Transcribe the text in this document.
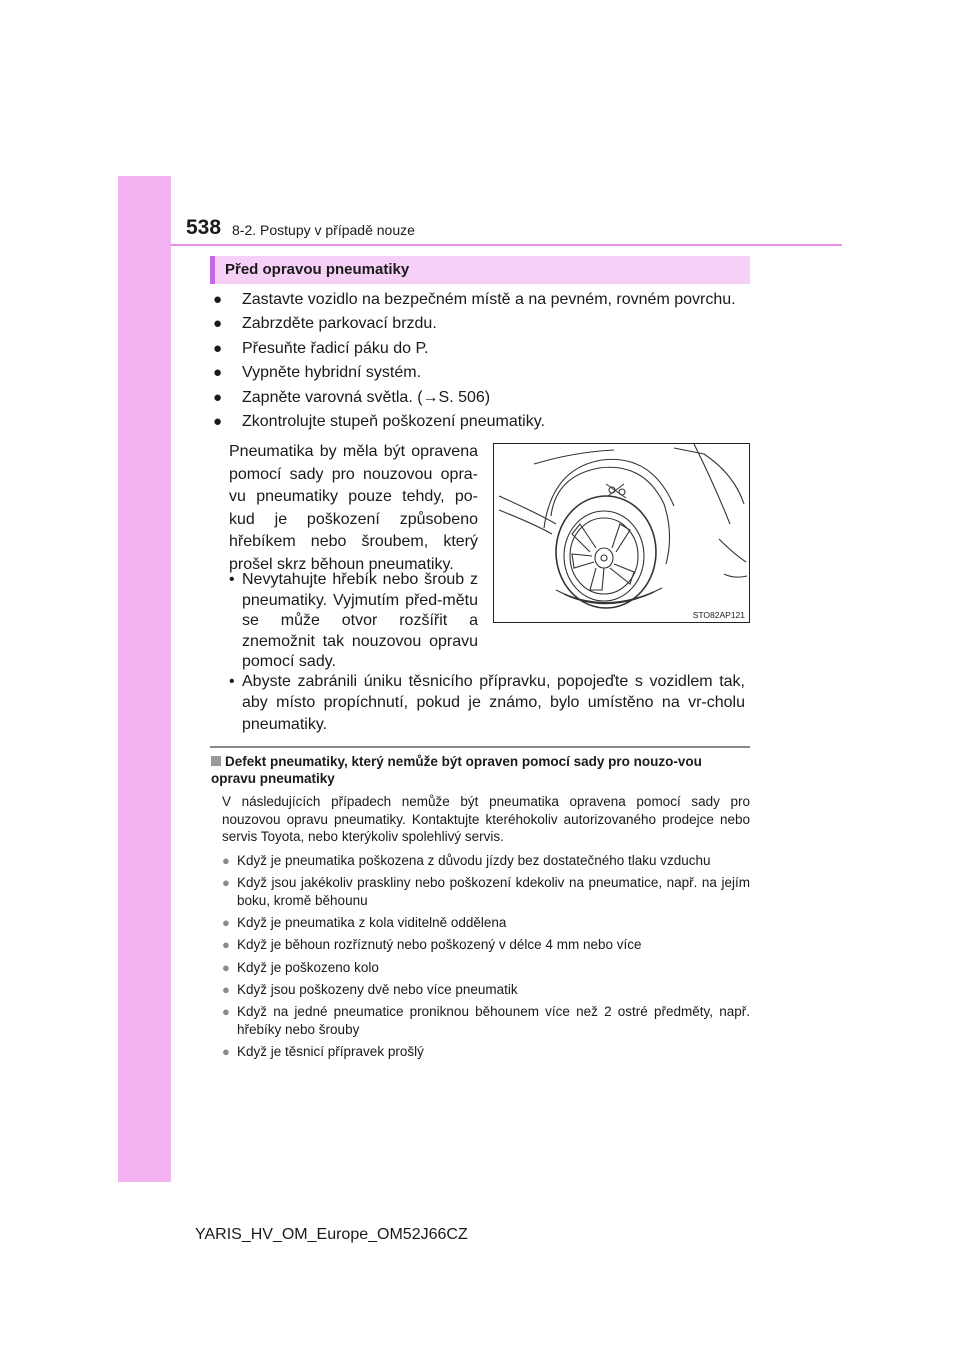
538 8-2. Postupy v případě nouze
Před opravou pneumatiky
● Zastavte vozidlo na bezpečném místě a na pevném, rovném povrchu.
● Zabrzděte parkovací brzdu.
● Přesuňte řadicí páku do P.
● Vypněte hybridní systém.
● Zapněte varovná světla. (→S. 506)
● Zkontrolujte stupeň poškození pneumatiky.
Pneumatika by měla být opravena pomocí sady pro nouzovou opra-vu pneumatiky pouze tehdy, po-kud je poškození způsobeno hřebíkem nebo šroubem, který prošel skrz běhoun pneumatiky.
• Nevytahujte hřebík nebo šroub z pneumatiky. Vyjmutím před-mětu se může otvor rozšířit a znemožnit tak nouzovou opravu pomocí sady.
• Abyste zabránili úniku těsnicího přípravku, popojeďte s vozidlem tak, aby místo propíchnutí, pokud je známo, bylo umístěno na vr-cholu pneumatiky.
STO82AP121
Defekt pneumatiky, který nemůže být opraven pomocí sady pro nouzo-vou opravu pneumatiky
V následujících případech nemůže být pneumatika opravena pomocí sady pro nouzovou opravu pneumatiky. Kontaktujte kteréhokoliv autorizovaného prodejce nebo servis Toyota, nebo kterýkoliv spolehlivý servis.
● Když je pneumatika poškozena z důvodu jízdy bez dostatečného tlaku vzduchu
● Když jsou jakékoliv praskliny nebo poškození kdekoliv na pneumatice, např. na jejím boku, kromě běhounu
● Když je pneumatika z kola viditelně oddělena
● Když je běhoun rozříznutý nebo poškozený v délce 4 mm nebo více
● Když je poškozeno kolo
● Když jsou poškozeny dvě nebo více pneumatik
● Když na jedné pneumatice proniknou běhounem více než 2 ostré předměty, např. hřebíky nebo šrouby
● Když je těsnicí přípravek prošlý
YARIS_HV_OM_Europe_OM52J66CZ
